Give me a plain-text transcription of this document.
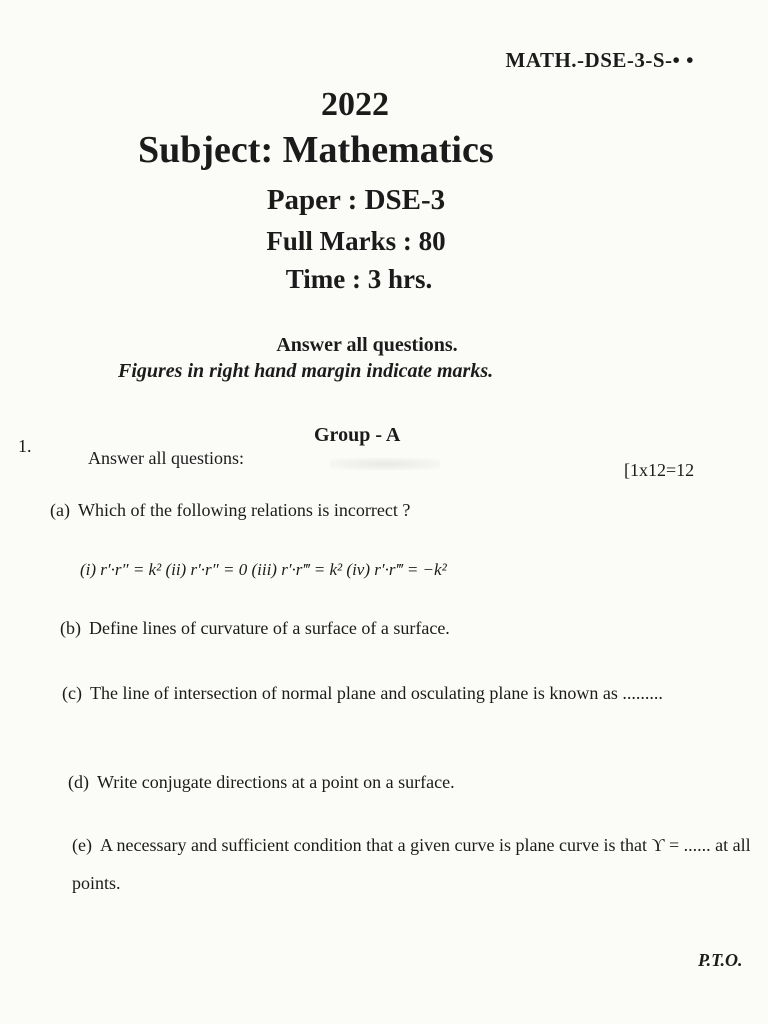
MATH.-DSE-3-S-• •
2022
Subject: Mathematics
Paper : DSE-3
Full Marks : 80
Time : 3 hrs.
Answer all questions.
Figures in right hand margin indicate marks.
1.	Group - A
Answer all questions:
[1x12=12
(a) Which of the following relations is incorrect ?
(i) r′·r″ = k² (ii) r′·r″ = 0 (iii) r′·r‴ = k² (iv) r′·r‴ = −k²
(b) Define lines of curvature of a surface of a surface.
(c) The line of intersection of normal plane and osculating plane is known as .........
(d) Write conjugate directions at a point on a surface.
(e) A necessary and sufficient condition that a given curve is plane curve is that ϒ = ...... at all points.
P.T.O.
